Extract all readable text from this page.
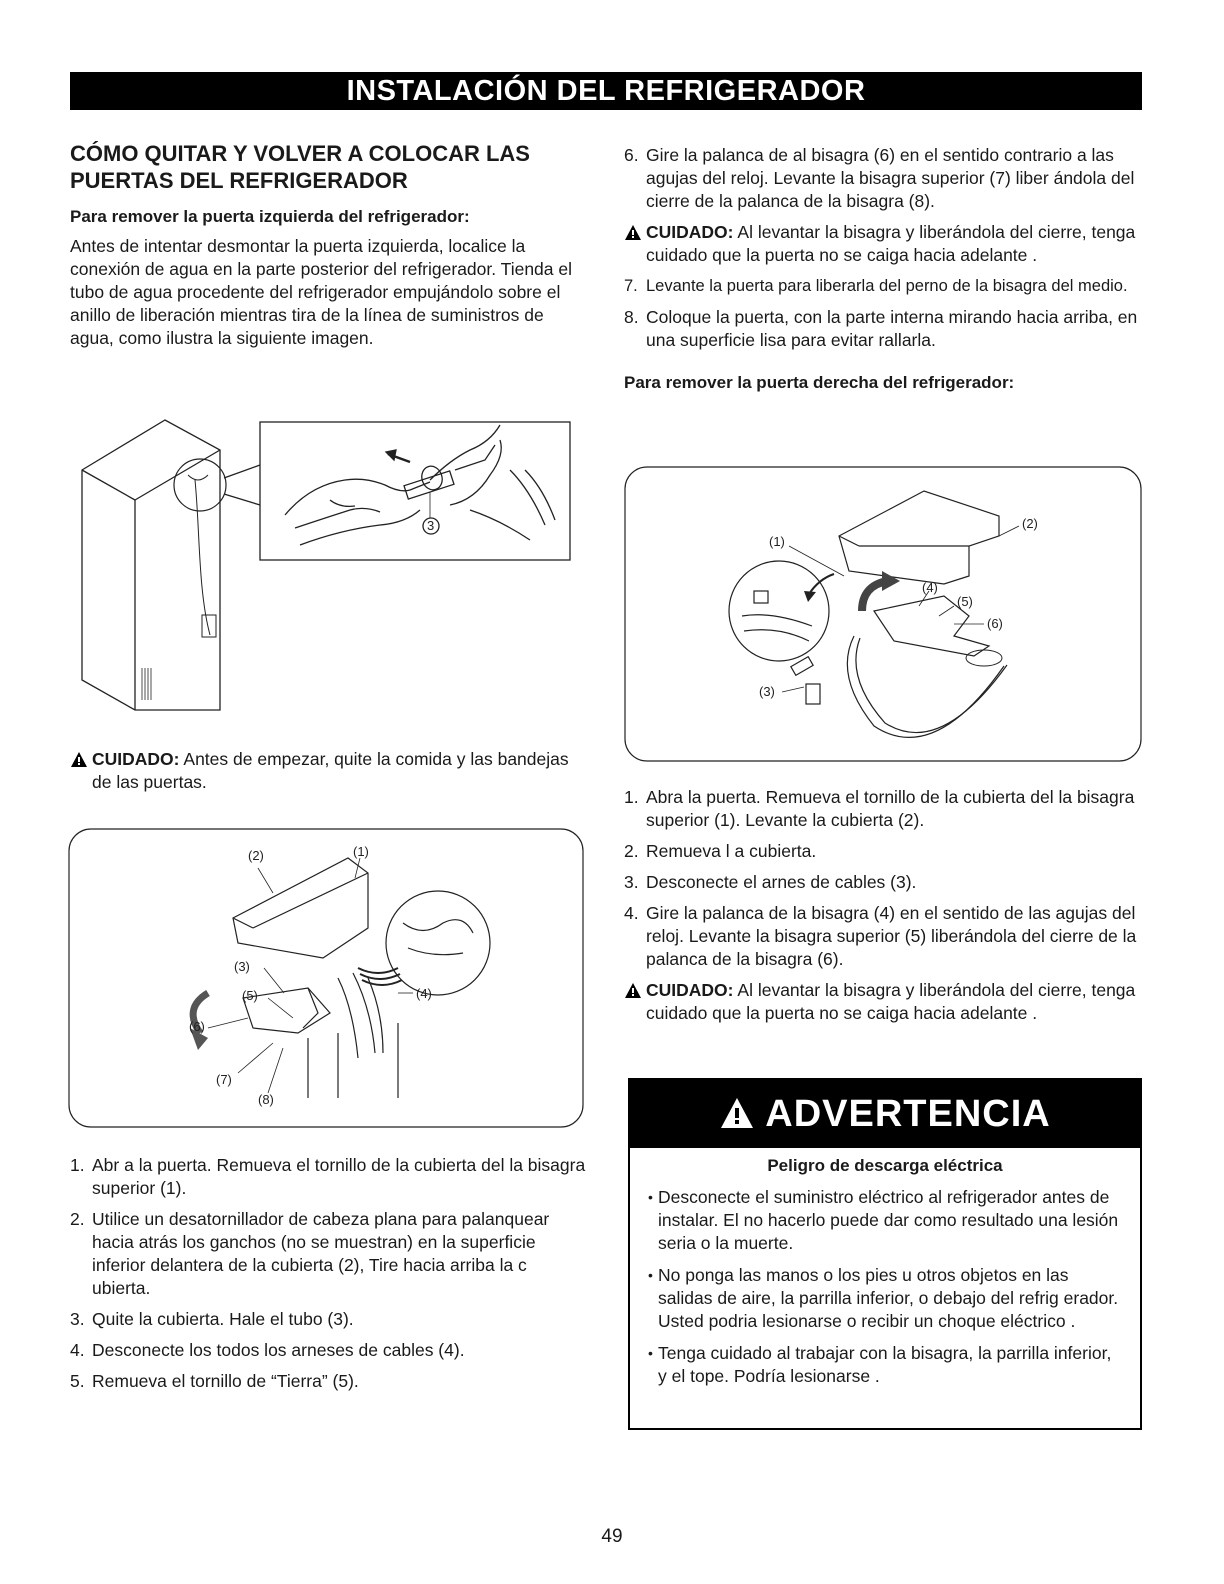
INSTALACIÓN DEL REFRIGERADOR
CÓMO QUITAR Y VOLVER A COLOCAR LAS PUERTAS DEL REFRIGERADOR
Para remover la puerta izquierda del refrigerador:

Antes de intentar desmontar la puerta izquierda, localice la conexión de agua en la parte posterior del refrigerador. Tienda el tubo de agua procedente del refrigerador empujándolo sobre el anillo de liberación mientras tira de la línea de suministros de agua, como ilustra la siguiente imagen.

3
CUIDADO: Antes de empezar, quite la comida y las bandejas de las puertas.
(2)	(1)
(3)
(5)	(4)
(6)
(7)
(8)
1. Abr a la puerta. Remueva el tornillo de la cubierta del la bisagra superior (1).
2. Utilice un desatornillador de cabeza plana para palanquear hacia atrás los ganchos (no se muestran) en la superficie inferior delantera de la cubierta (2), Tire hacia arriba la c ubierta.
3. Quite la cubierta. Hale el tubo (3).
4. Desconecte los todos los arneses de cables (4).
5. Remueva el tornillo de “Tierra” (5).
6. Gire la palanca de al bisagra (6) en el sentido contrario a las agujas del reloj. Levante la bisagra superior (7) liber ándola del cierre de la palanca de la bisagra (8).
CUIDADO: Al levantar la bisagra y liberándola del cierre, tenga cuidado que la puerta no se caiga hacia adelante .
7. Levante la puerta para liberarla del perno de la bisagra del medio.
8. Coloque la puerta, con la parte interna mirando hacia arriba, en una superficie lisa para evitar rallarla.
Para remover la puerta derecha del refrigerador:
(1)
(2)
(4)
(5)
(6)
(3)
1. Abra la puerta. Remueva el tornillo de la cubierta del la bisagra superior (1). Levante la cubierta (2).
2. Remueva l a cubierta.
3. Desconecte el arnes de cables (3).
4. Gire la palanca de la bisagra (4) en el sentido de las agujas del reloj. Levante la bisagra superior (5) liberándola del cierre de la palanca de la bisagra (6).
CUIDADO: Al levantar la bisagra y liberándola del cierre, tenga cuidado que la puerta no se caiga hacia adelante .
ADVERTENCIA
Peligro de descarga eléctrica
• Desconecte el suministro eléctrico al refrigerador antes de instalar. El no hacerlo puede dar como resultado una lesión seria o la muerte.
• No ponga las manos o los pies u otros objetos en las salidas de aire, la parrilla inferior, o debajo del refrig erador. Usted podria lesionarse o recibir un choque eléctrico .
• Tenga cuidado al trabajar con la bisagra, la parrilla inferior, y el tope. Podría lesionarse .
49
